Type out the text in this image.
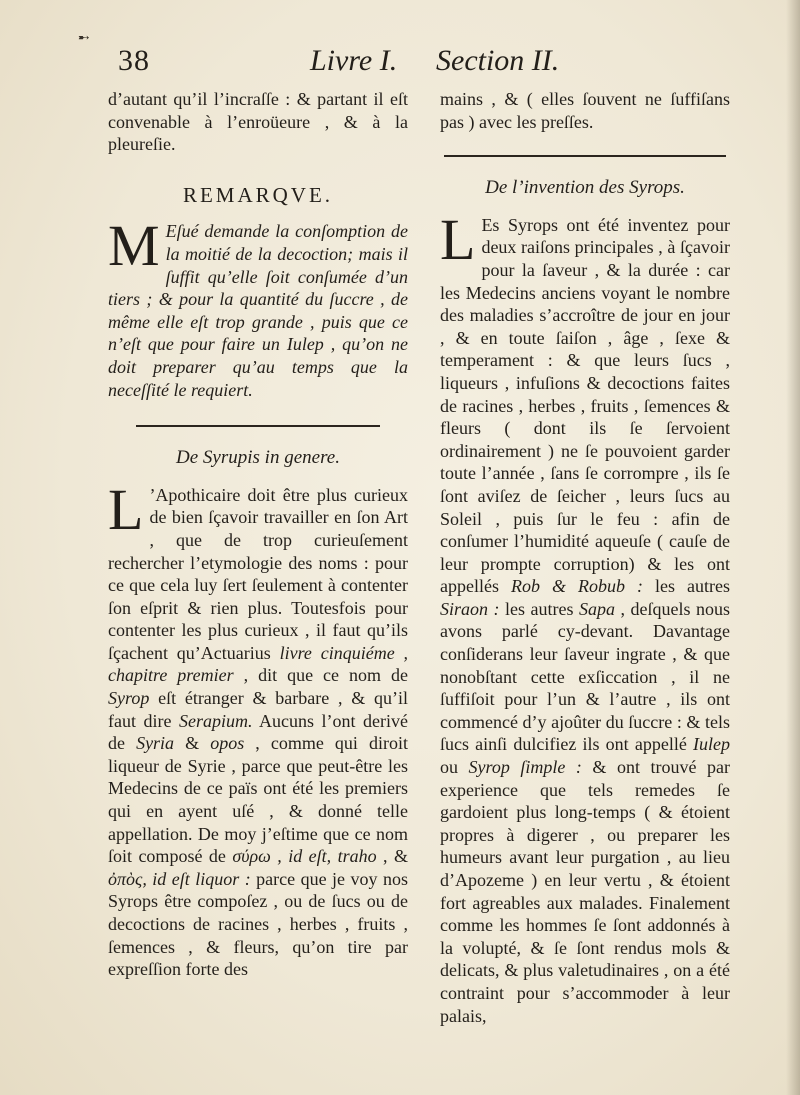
➸
38	Livre I. Section II.

d’autant qu’il l’incraſſe : & partant il eſt convenable à l’enroüeure , & à la pleureſie.

REMARQVE.

M Eſué demande la conſomption de la moitié de la decoction; mais il ſuffit qu’elle ſoit conſumée d’un tiers ; & pour la quantité du ſuccre , de même elle eſt trop grande , puis que ce n’eſt que pour faire un Iulep , qu’on ne doit preparer qu’au temps que la neceſſité le requiert.

De Syrupis in genere.

L ’Apothicaire doit être plus curieux de bien ſçavoir travailler en ſon Art , que de trop curieuſement rechercher l’etymologie des noms : pour ce que cela luy ſert ſeulement à contenter ſon eſprit & rien plus. Toutesfois pour contenter les plus curieux , il faut qu’ils ſçachent qu’Actuarius livre cinquiéme , chapitre premier , dit que ce nom de Syrop eſt étranger & barbare , & qu’il faut dire Serapium. Aucuns l’ont derivé de Syria & opos , comme qui diroit liqueur de Syrie , parce que peut-être les Medecins de ce païs ont été les premiers qui en ayent uſé , & donné telle appellation. De moy j’eſtime que ce nom ſoit composé de σύρω , id eſt, traho , & ὀπὸς, id eſt liquor : parce que je voy nos Syrops être compoſez , ou de ſucs ou de decoctions de racines , herbes , fruits , ſemences , & fleurs, qu’on tire par expreſſion forte des

mains , & ( elles ſouvent ne ſuffiſans pas ) avec les preſſes.

De l’invention des Syrops.

L Es Syrops ont été inventez pour deux raiſons principales , à ſçavoir pour la ſaveur , & la durée : car les Medecins anciens voyant le nombre des maladies s’accroître de jour en jour , & en toute ſaiſon , âge , ſexe & temperament : & que leurs ſucs , liqueurs , infuſions & decoctions faites de racines , herbes , fruits , ſemences & fleurs ( dont ils ſe ſervoient ordinairement ) ne ſe pouvoient garder toute l’année , ſans ſe corrompre , ils ſe ſont aviſez de ſeicher , leurs ſucs au Soleil , puis ſur le feu : afin de conſumer l’humidité aqueuſe ( cauſe de leur prompte corruption) & les ont appellés Rob & Robub : les autres Siraon : les autres Sapa , deſquels nous avons parlé cy-devant. Davantage conſiderans leur ſaveur ingrate , & que nonobſtant cette exſiccation , il ne ſuffiſoit pour l’un & l’autre , ils ont commencé d’y ajoûter du ſuccre : & tels ſucs ainſi dulcifiez ils ont appellé Iulep ou Syrop ſimple : & ont trouvé par experience que tels remedes ſe gardoient plus long-temps ( & étoient propres à digerer , ou preparer les humeurs avant leur purgation , au lieu d’Apozeme ) en leur vertu , & étoient fort agreables aux malades. Finalement comme les hommes ſe ſont addonnés à la volupté, & ſe ſont rendus mols & delicats, & plus valetudinaires , on a été contraint pour s’accommoder à leur palais,
